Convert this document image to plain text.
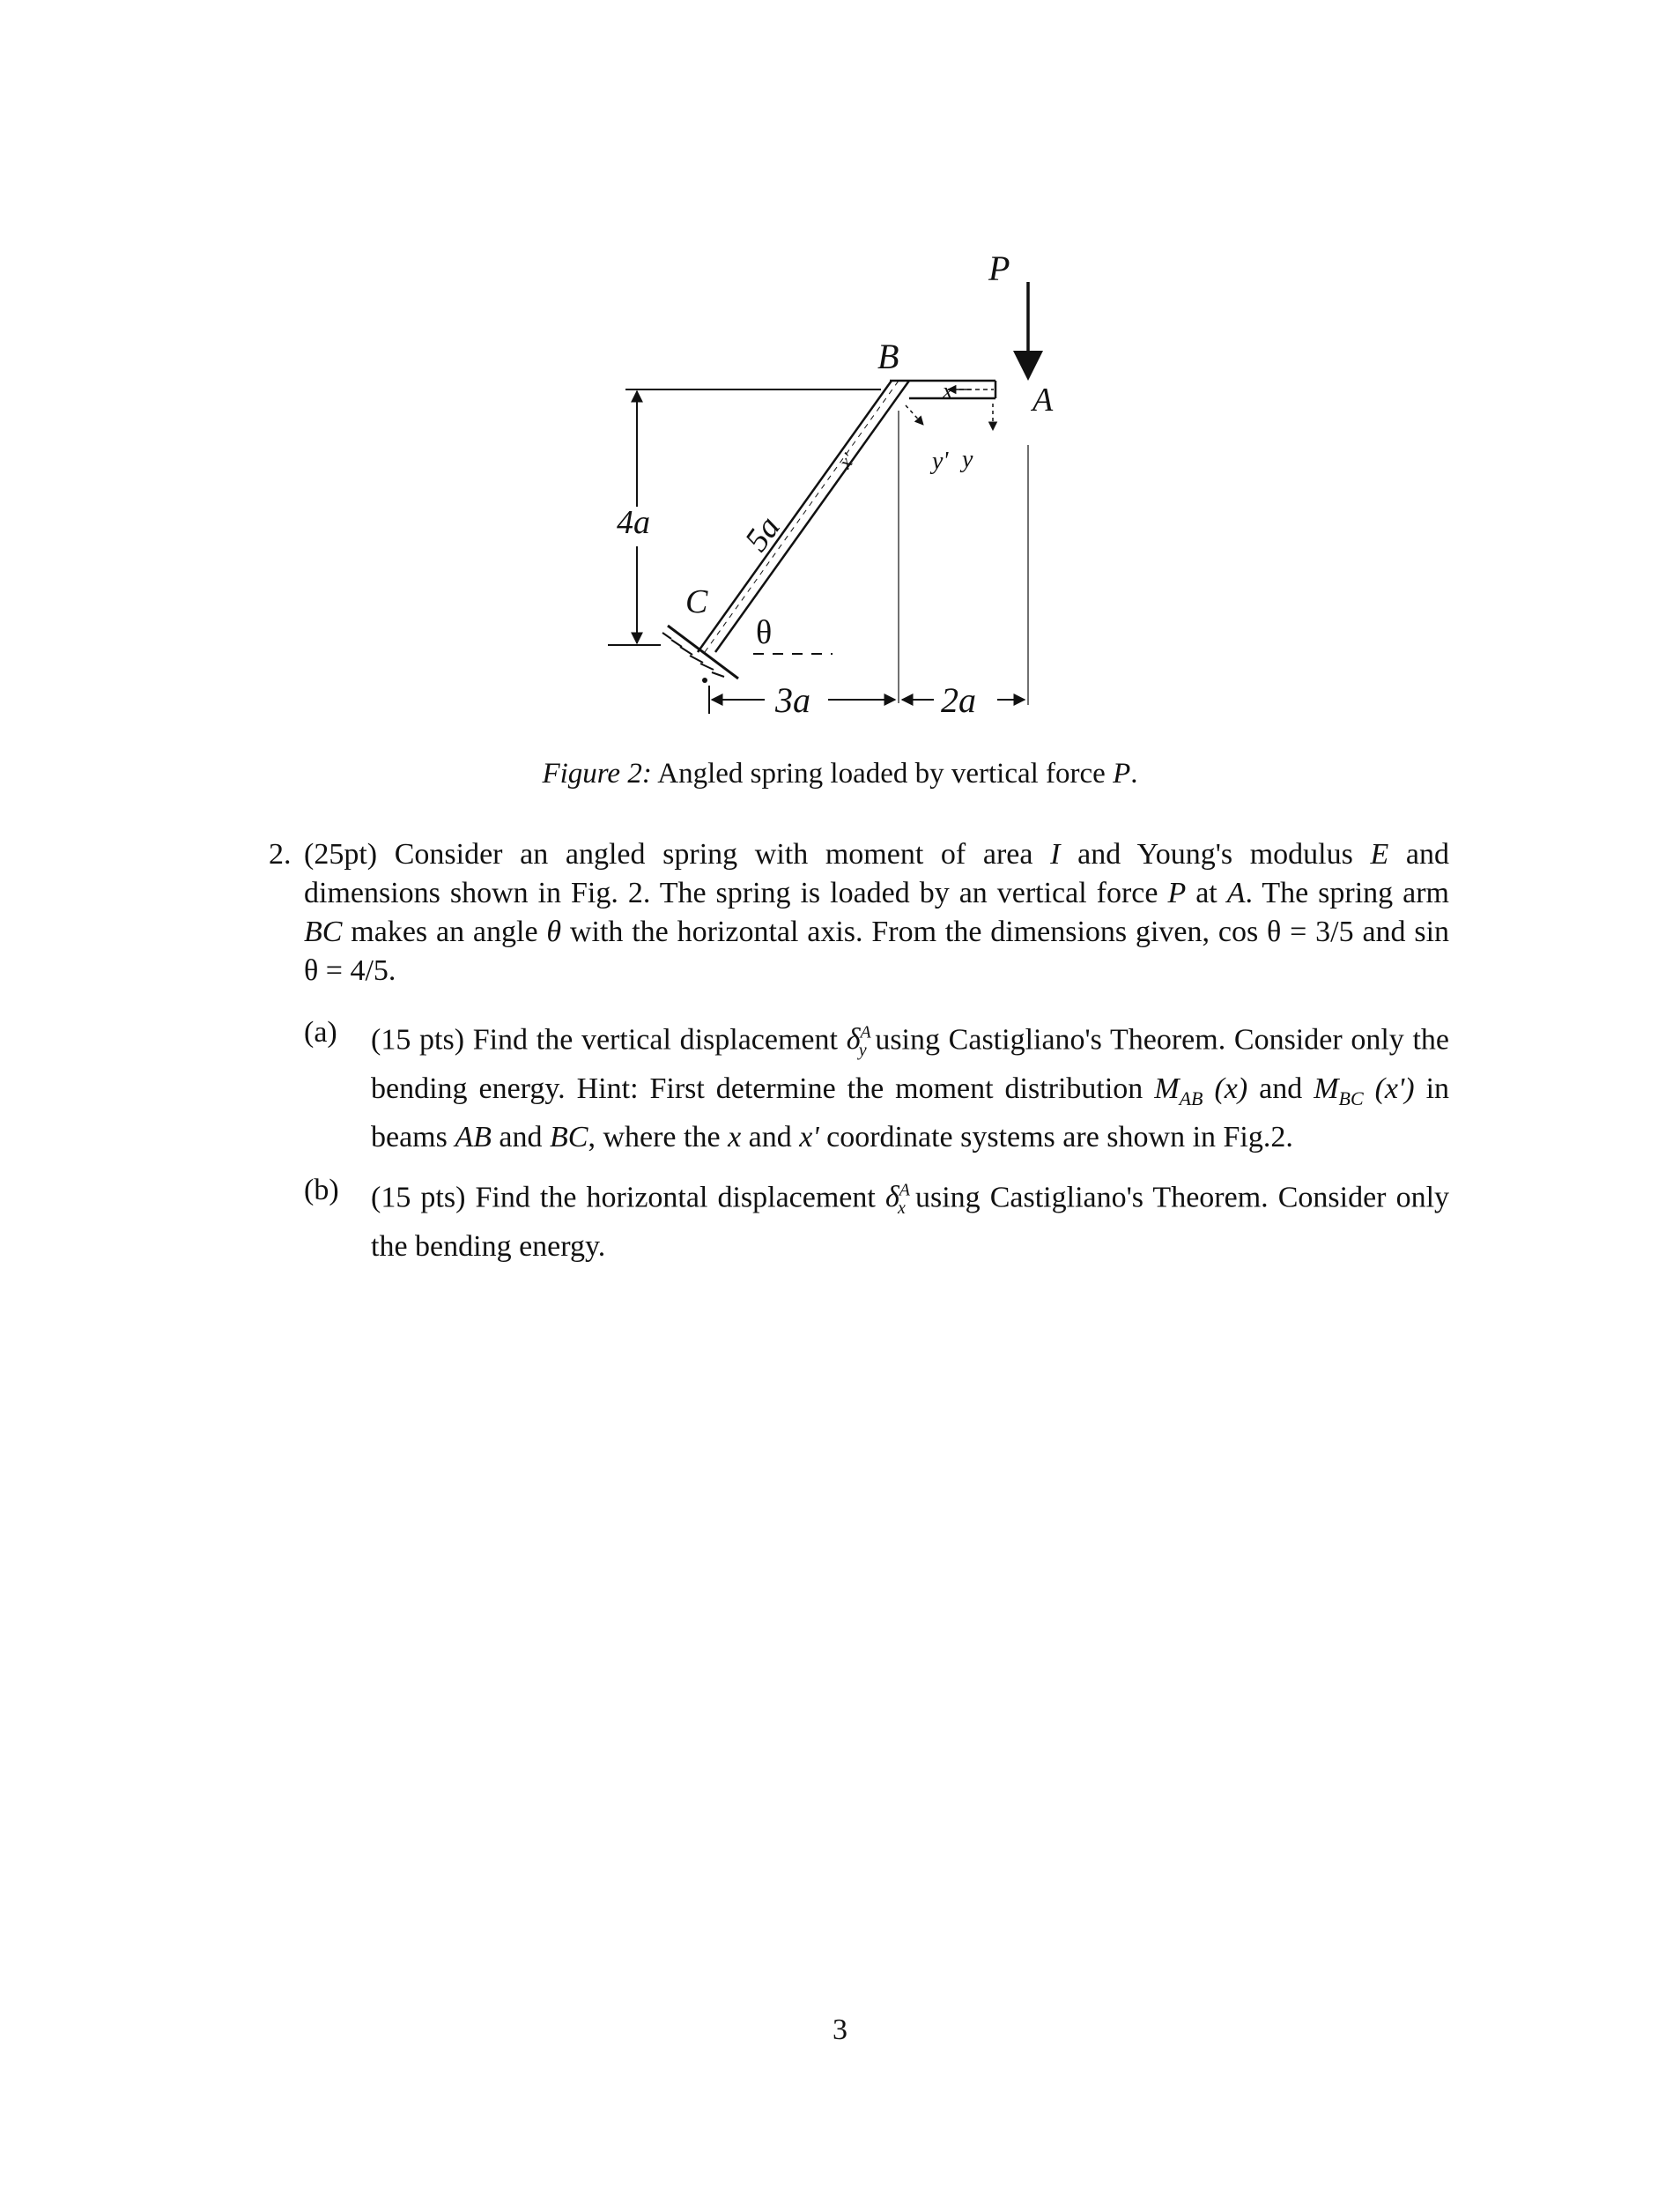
4a	5a
x'
x
y' y
P
A
B
C
θ
3a	2a
Figure 2: Angled spring loaded by vertical force P.
2. (25pt) Consider an angled spring with moment of area I and Young's modulus E and dimensions shown in Fig. 2. The spring is loaded by an vertical force P at A. The spring arm BC makes an angle θ with the horizontal axis. From the dimensions given, cos θ = 3/5 and sin θ = 4/5.
(a) (15 pts) Find the vertical displacement $\delta^A_y$ using Castigliano's Theorem. Consider only the bending energy. Hint: First determine the moment distribution $M_{AB}$ (x) and $M_{BC}$ (x') in beams AB and BC, where the x and x' coordinate systems are shown in Fig.2.
(b) (15 pts) Find the horizontal displacement $\delta^A_x$ using Castigliano's Theorem. Consider only the bending energy.
3
